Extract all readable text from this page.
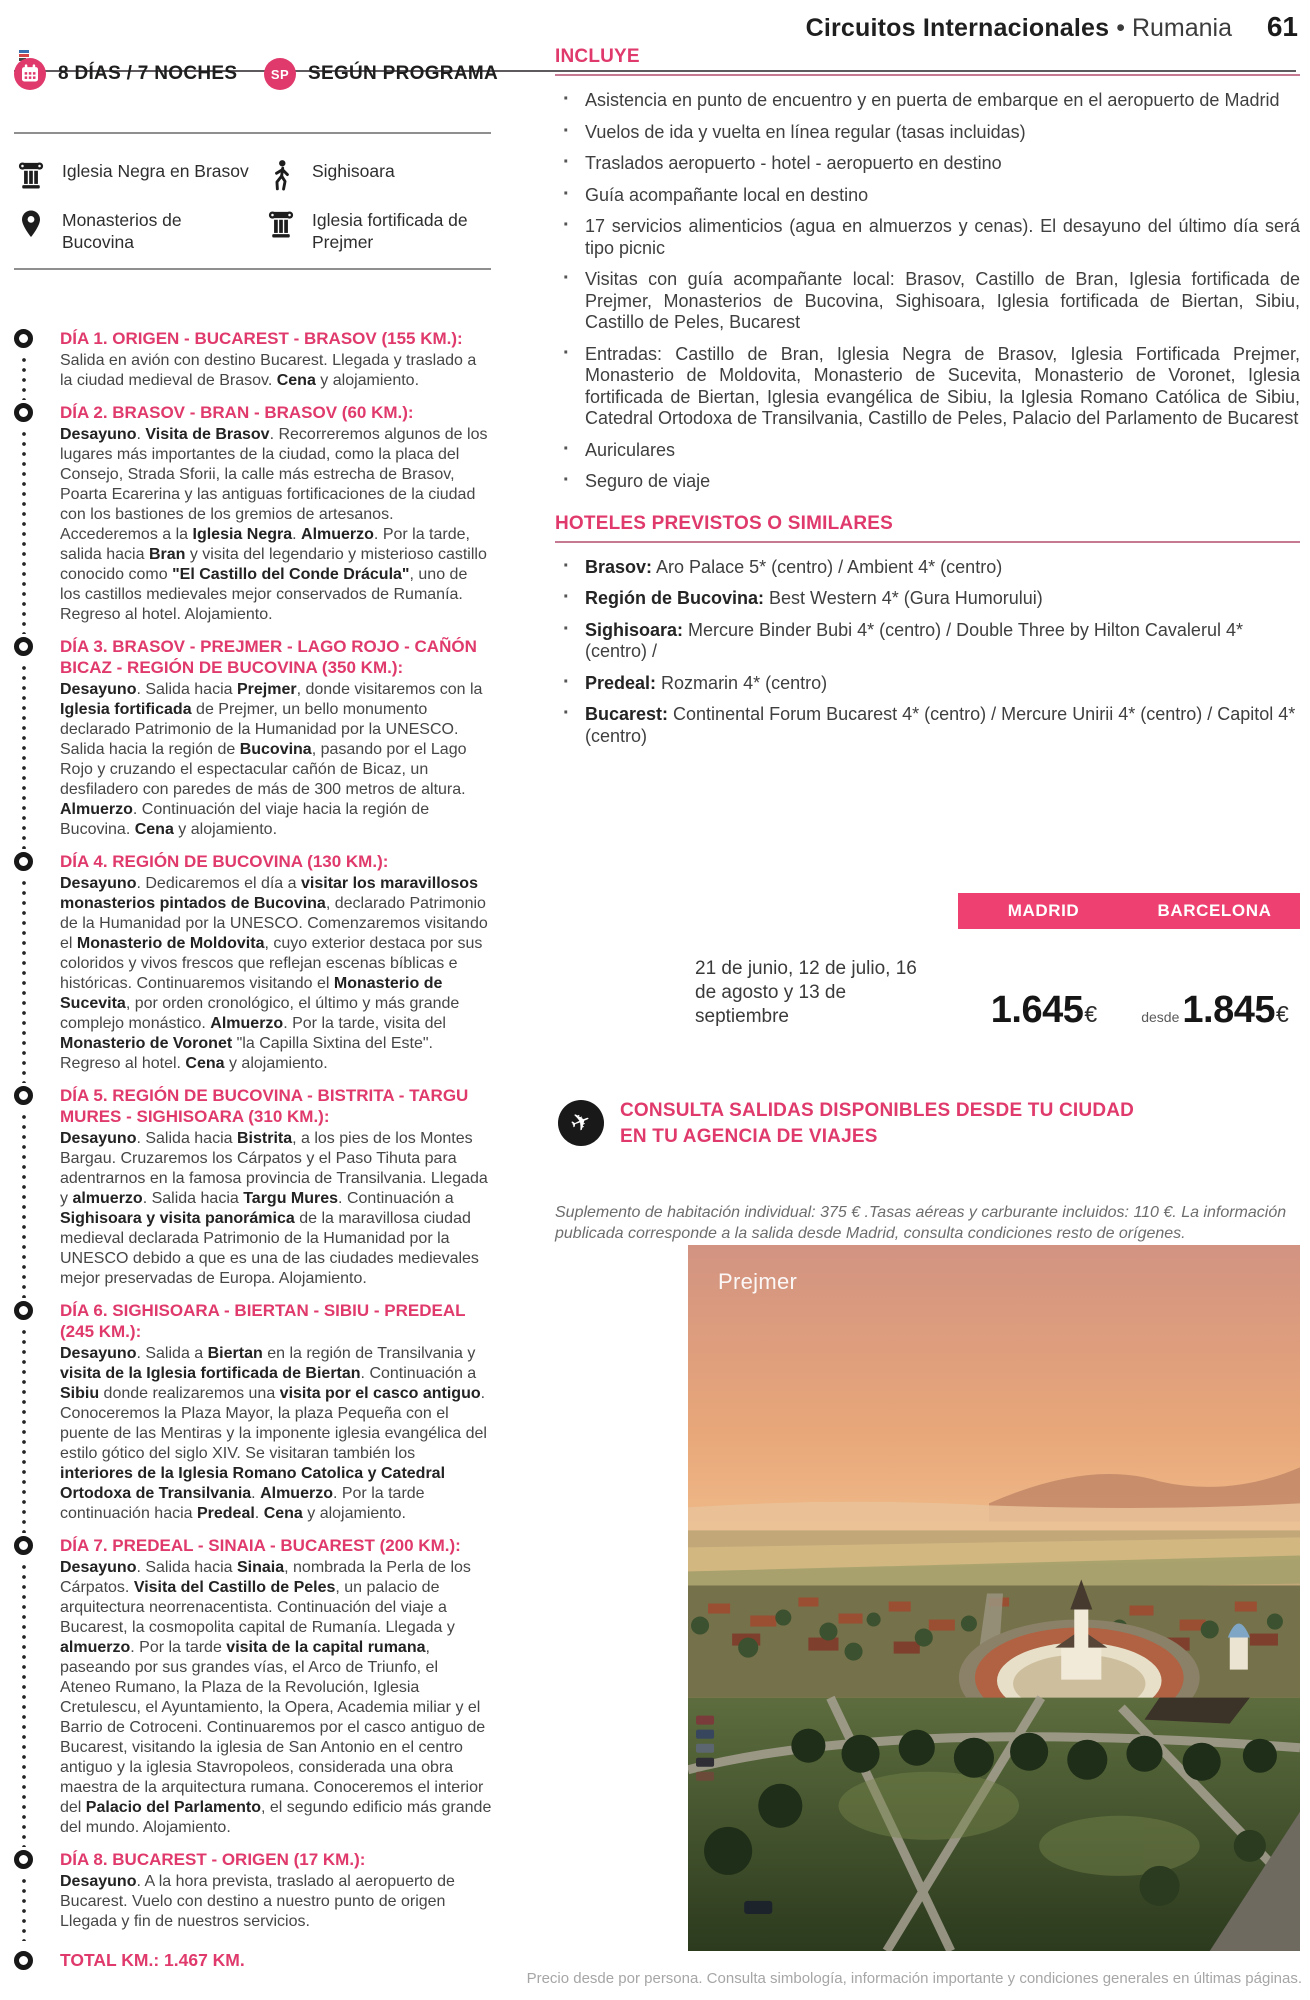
Circuitos Internacionales • Rumania 61
8 DÍAS / 7 NOCHES	SP SEGÚN PROGRAMA
Iglesia Negra en Brasov	Sighisoara
Monasterios de
Bucovina
Iglesia fortificada de
Prejmer
DÍA 1. ORIGEN - BUCAREST - BRASOV (155 KM.):

Salida en avión con destino Bucarest. Llegada y traslado a la ciudad medieval de Brasov. Cena y alojamiento.

DÍA 2. BRASOV - BRAN - BRASOV (60 KM.):

Desayuno. Visita de Brasov. Recorreremos algunos de los lugares más importantes de la ciudad, como la placa del Consejo, Strada Sforii, la calle más estrecha de Brasov, Poarta Ecarerina y las antiguas fortificaciones de la ciudad con los bastiones de los gremios de artesanos. Accederemos a la Iglesia Negra. Almuerzo. Por la tarde, salida hacia Bran y visita del legendario y misterioso castillo conocido como "El Castillo del Conde Drácula", uno de los castillos medievales mejor conservados de Rumanía. Regreso al hotel. Alojamiento.

DÍA 3. BRASOV - PREJMER - LAGO ROJO - CAÑÓN BICAZ - REGIÓN DE BUCOVINA (350 KM.):

Desayuno. Salida hacia Prejmer, donde visitaremos con la Iglesia fortificada de Prejmer, un bello monumento declarado Patrimonio de la Humanidad por la UNESCO. Salida hacia la región de Bucovina, pasando por el Lago Rojo y cruzando el espectacular cañón de Bicaz, un desfiladero con paredes de más de 300 metros de altura. Almuerzo. Continuación del viaje hacia la región de Bucovina. Cena y alojamiento.

DÍA 4. REGIÓN DE BUCOVINA (130 KM.):

Desayuno. Dedicaremos el día a visitar los maravillosos monasterios pintados de Bucovina, declarado Patrimonio de la Humanidad por la UNESCO. Comenzaremos visitando el Monasterio de Moldovita, cuyo exterior destaca por sus coloridos y vivos frescos que reflejan escenas bíblicas e históricas. Continuaremos visitando el Monasterio de Sucevita, por orden cronológico, el último y más grande complejo monástico. Almuerzo. Por la tarde, visita del Monasterio de Voronet "la Capilla Sixtina del Este". Regreso al hotel. Cena y alojamiento.

DÍA 5. REGIÓN DE BUCOVINA - BISTRITA - TARGU MURES - SIGHISOARA (310 KM.):

Desayuno. Salida hacia Bistrita, a los pies de los Montes Bargau. Cruzaremos los Cárpatos y el Paso Tihuta para adentrarnos en la famosa provincia de Transilvania. Llegada y almuerzo. Salida hacia Targu Mures. Continuación a Sighisoara y visita panorámica de la maravillosa ciudad medieval declarada Patrimonio de la Humanidad por la UNESCO debido a que es una de las ciudades medievales mejor preservadas de Europa. Alojamiento.

DÍA 6. SIGHISOARA - BIERTAN - SIBIU - PREDEAL (245 KM.):

Desayuno. Salida a Biertan en la región de Transilvania y visita de la Iglesia fortificada de Biertan. Continuación a Sibiu donde realizaremos una visita por el casco antiguo. Conoceremos la Plaza Mayor, la plaza Pequeña con el puente de las Mentiras y la imponente iglesia evangélica del estilo gótico del siglo XIV. Se visitaran también los interiores de la Iglesia Romano Catolica y Catedral Ortodoxa de Transilvania. Almuerzo. Por la tarde continuación hacia Predeal. Cena y alojamiento.

DÍA 7. PREDEAL - SINAIA - BUCAREST (200 KM.):

Desayuno. Salida hacia Sinaia, nombrada la Perla de los Cárpatos. Visita del Castillo de Peles, un palacio de arquitectura neorrenacentista. Continuación del viaje a Bucarest, la cosmopolita capital de Rumanía. Llegada y almuerzo. Por la tarde visita de la capital rumana, paseando por sus grandes vías, el Arco de Triunfo, el Ateneo Rumano, la Plaza de la Revolución, Iglesia Cretulescu, el Ayuntamiento, la Opera, Academia miliar y el Barrio de Cotroceni. Continuaremos por el casco antiguo de Bucarest, visitando la iglesia de San Antonio en el centro antiguo y la iglesia Stavropoleos, considerada una obra maestra de la arquitectura rumana. Conoceremos el interior del Palacio del Parlamento, el segundo edificio más grande del mundo. Alojamiento.

DÍA 8. BUCAREST - ORIGEN (17 KM.):

Desayuno. A la hora prevista, traslado al aeropuerto de Bucarest. Vuelo con destino a nuestro punto de origen Llegada y fin de nuestros servicios.

TOTAL KM.: 1.467 KM.
INCLUYE
· Asistencia en punto de encuentro y en puerta de embarque en el aeropuerto de Madrid
· Vuelos de ida y vuelta en línea regular (tasas incluidas)
· Traslados aeropuerto - hotel - aeropuerto en destino
· Guía acompañante local en destino
· 17 servicios alimenticios (agua en almuerzos y cenas). El desayuno del último día será tipo picnic
· Visitas con guía acompañante local: Brasov, Castillo de Bran, Iglesia fortificada de Prejmer, Monasterios de Bucovina, Sighisoara, Iglesia fortificada de Biertan, Sibiu, Castillo de Peles, Bucarest
· Entradas: Castillo de Bran, Iglesia Negra de Brasov, Iglesia Fortificada Prejmer, Monasterio de Moldovita, Monasterio de Sucevita, Monasterio de Voronet, Iglesia fortificada de Biertan, Iglesia evangélica de Sibiu, la Iglesia Romano Católica de Sibiu, Catedral Ortodoxa de Transilvania, Castillo de Peles, Palacio del Parlamento de Bucarest
· Auriculares
· Seguro de viaje
HOTELES PREVISTOS O SIMILARES
· Brasov: Aro Palace 5* (centro) / Ambient 4* (centro)
· Región de Bucovina: Best Western 4* (Gura Humorului)
· Sighisoara: Mercure Binder Bubi 4* (centro) / Double Three by Hilton Cavalerul 4* (centro) /
· Predeal: Rozmarin 4* (centro)
· Bucarest: Continental Forum Bucarest 4* (centro) / Mercure Unirii 4* (centro) / Capitol 4* (centro)
MADRID	BARCELONA
21 de junio, 12 de julio, 16 de agosto y 13 de septiembre	1.645 €	desde 1.845 €
✈ CONSULTA SALIDAS DISPONIBLES DESDE TU CIUDAD
EN TU AGENCIA DE VIAJES

Suplemento de habitación individual: 375 € .Tasas aéreas y carburante incluidos: 110 €. La información publicada corresponde a la salida desde Madrid, consulta condiciones resto de orígenes.

Prejmer
Precio desde por persona. Consulta simbología, información importante y condiciones generales en últimas páginas.
